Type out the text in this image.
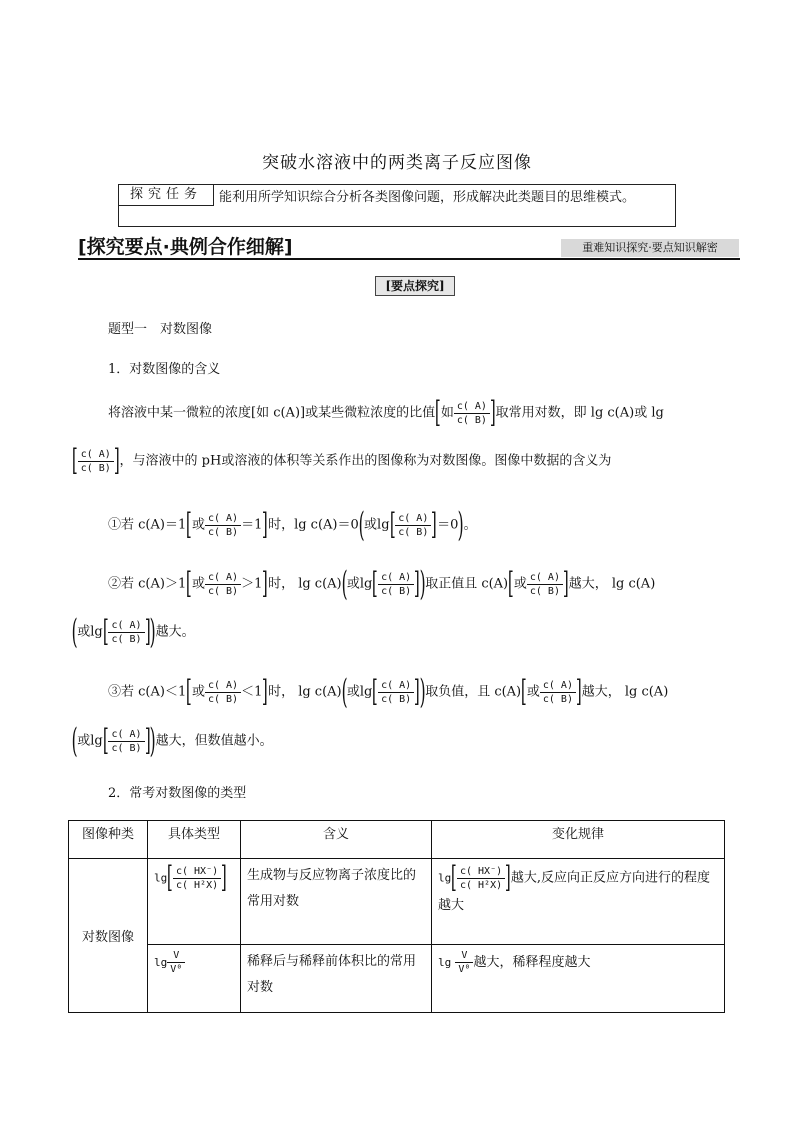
突破水溶液中的两类离子反应图像
探究任务	能利用所学知识综合分析各类图像问题，形成解决此类题目的思维模式。
[探究要点·典例合作细解]	重难知识探究·要点知识解密
[要点探究]
题型一　对数图像
1．对数图像的含义
将溶液中某一微粒的浓度[如 c(A)]或某些微粒浓度的比值[如 $\frac{c( A)}{c( B)}$ ]取常用对数，即 lg c(A)或 lg
[ $\frac{c( A)}{c( B)}$ ]，与溶液中的 pH或溶液的体积等关系作出的图像称为对数图像。图像中数据的含义为
①若 c(A)＝1[或 $\frac{c( A)}{c( B)} =1$]时，lg c(A)＝0(或$\lg[ \frac{c( A)}{c( B)} ]=0$)。
②若 c(A)＞1[或 $\frac{c( A)}{c( B)} >1$]时， lg c(A)(或$\lg[ \frac{c( A)}{c( B)}$ ])取正值且 c(A)[或 $\frac{c( A)}{c( B)}$ ]越大， lg c(A)
(或$\lg[ \frac{c( A)}{c( B)}$ ])越大。
③若 c(A)＜1[或 $\frac{c( A)}{c( B)} <1$]时， lg c(A)(或$\lg[ \frac{c( A)}{c( B)}$ ])取负值，且 c(A)[或 $\frac{c( A)}{c( B)}$ ]越大， lg c(A)
(或$\lg[ \frac{c( A)}{c( B)}$ ])越大，但数值越小。
2．常考对数图像的类型
图像种类	具体类型	含义	变化规律
对数图像	$\lg[ \frac{c( HX^-)}{\text{c( H²X)}}$ ]	生成物与反应物离子浓度比的常用对数	$\lg[ \frac{c( HX^-)}{\text{c( H²X)}}$ ]越大,反应向正反应方向进行的程度越大
	$\lg \frac{V}{\text{V⁰}}$	稀释后与稀释前体积比的常用对数	$\lg \frac{V}{\text{V⁰}}$ 越大，稀释程度越大
